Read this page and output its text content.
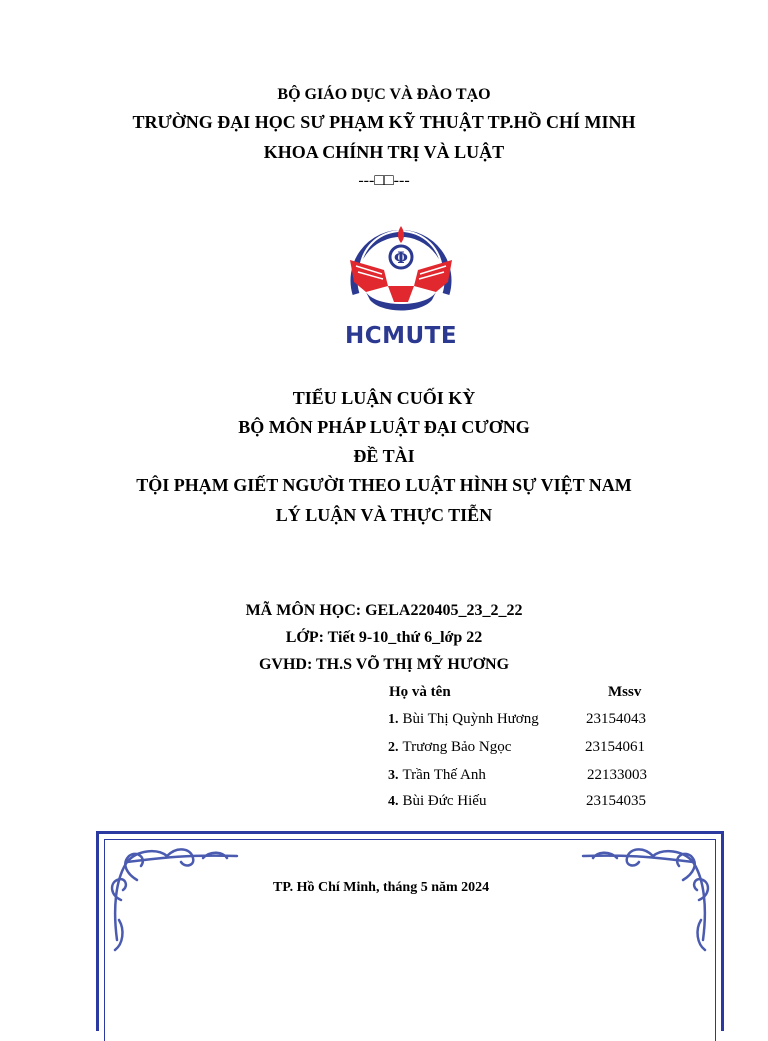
BỘ GIÁO DỤC VÀ ĐÀO TẠO
TRƯỜNG ĐẠI HỌC SƯ PHẠM KỸ THUẬT TP.HỒ CHÍ MINH
KHOA CHÍNH TRỊ VÀ LUẬT
---□□---
Φ
HCMUTE
TIỂU LUẬN CUỐI KỲ
BỘ MÔN PHÁP LUẬT ĐẠI CƯƠNG
ĐỀ TÀI
TỘI PHẠM GIẾT NGƯỜI THEO LUẬT HÌNH SỰ VIỆT NAM
LÝ LUẬN VÀ THỰC TIỄN
MÃ MÔN HỌC: GELA220405_23_2_22
LỚP: Tiết 9-10_thứ 6_lớp 22
GVHD: TH.S VÕ THỊ MỸ HƯƠNG
Họ và tên	Mssv
1. Bùi Thị Quỳnh Hương	23154043
2. Trương Bảo Ngọc	23154061
3. Trần Thế Anh	22133003
4. Bùi Đức Hiếu	23154035
TP. Hồ Chí Minh, tháng 5 năm 2024
